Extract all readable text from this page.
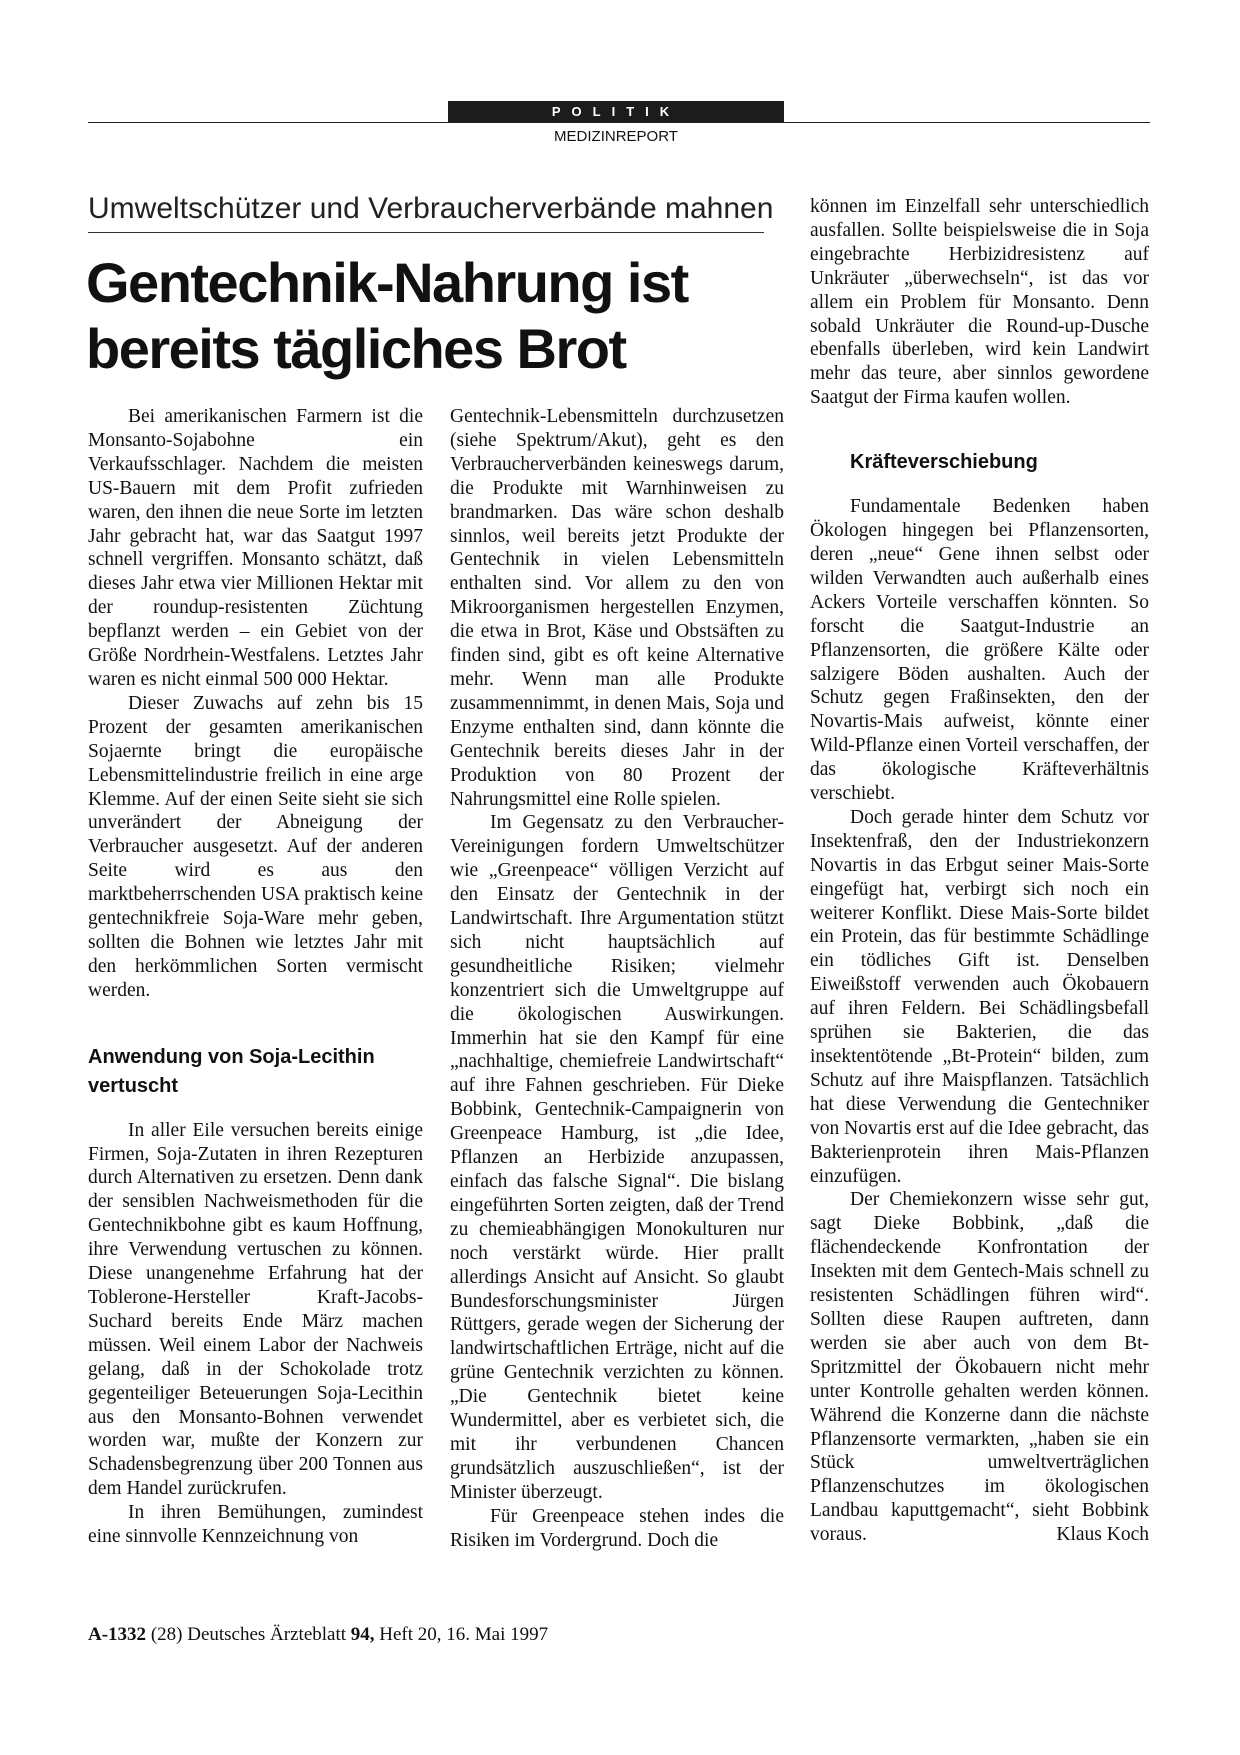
POLITIK
MEDIZINREPORT
Umweltschützer und Verbraucherverbände mahnen
Gentechnik-Nahrung ist bereits tägliches Brot

Bei amerikanischen Farmern ist die Monsanto-Sojabohne ein Verkaufsschlager. Nachdem die meisten US-Bauern mit dem Profit zufrieden waren, den ihnen die neue Sorte im letzten Jahr gebracht hat, war das Saatgut 1997 schnell vergriffen. Monsanto schätzt, daß dieses Jahr etwa vier Millionen Hektar mit der roundup-resistenten Züchtung bepflanzt werden – ein Gebiet von der Größe Nordrhein-Westfalens. Letztes Jahr waren es nicht einmal 500 000 Hektar.

Dieser Zuwachs auf zehn bis 15 Prozent der gesamten amerikanischen Sojaernte bringt die europäische Lebensmittelindustrie freilich in eine arge Klemme. Auf der einen Seite sieht sie sich unverändert der Abneigung der Verbraucher ausgesetzt. Auf der anderen Seite wird es aus den marktbeherrschenden USA praktisch keine gentechnikfreie Soja-Ware mehr geben, sollten die Bohnen wie letztes Jahr mit den herkömmlichen Sorten vermischt werden.

Anwendung von Soja-Lecithin vertuscht

In aller Eile versuchen bereits einige Firmen, Soja-Zutaten in ihren Rezepturen durch Alternativen zu ersetzen. Denn dank der sensiblen Nachweismethoden für die Gentechnikbohne gibt es kaum Hoffnung, ihre Verwendung vertuschen zu können. Diese unangenehme Erfahrung hat der Toblerone-Hersteller Kraft-Jacobs-Suchard bereits Ende März machen müssen. Weil einem Labor der Nachweis gelang, daß in der Schokolade trotz gegenteiliger Beteuerungen Soja-Lecithin aus den Monsanto-Bohnen verwendet worden war, mußte der Konzern zur Schadensbegrenzung über 200 Tonnen aus dem Handel zurückrufen.

In ihren Bemühungen, zumindest eine sinnvolle Kennzeichnung von

Gentechnik-Lebensmitteln durchzusetzen (siehe Spektrum/Akut), geht es den Verbraucherverbänden keineswegs darum, die Produkte mit Warnhinweisen zu brandmarken. Das wäre schon deshalb sinnlos, weil bereits jetzt Produkte der Gentechnik in vielen Lebensmitteln enthalten sind. Vor allem zu den von Mikroorganismen hergestellen Enzymen, die etwa in Brot, Käse und Obstsäften zu finden sind, gibt es oft keine Alternative mehr. Wenn man alle Produkte zusammennimmt, in denen Mais, Soja und Enzyme enthalten sind, dann könnte die Gentechnik bereits dieses Jahr in der Produktion von 80 Prozent der Nahrungsmittel eine Rolle spielen.

Im Gegensatz zu den Verbraucher-Vereinigungen fordern Umweltschützer wie „Greenpeace“ völligen Verzicht auf den Einsatz der Gentechnik in der Landwirtschaft. Ihre Argumentation stützt sich nicht hauptsächlich auf gesundheitliche Risiken; vielmehr konzentriert sich die Umweltgruppe auf die ökologischen Auswirkungen. Immerhin hat sie den Kampf für eine „nachhaltige, chemiefreie Landwirtschaft“ auf ihre Fahnen geschrieben. Für Dieke Bobbink, Gentechnik-Campaignerin von Greenpeace Hamburg, ist „die Idee, Pflanzen an Herbizide anzupassen, einfach das falsche Signal“. Die bislang eingeführten Sorten zeigten, daß der Trend zu chemieabhängigen Monokulturen nur noch verstärkt würde. Hier prallt allerdings Ansicht auf Ansicht. So glaubt Bundesforschungsminister Jürgen Rüttgers, gerade wegen der Sicherung der landwirtschaftlichen Erträge, nicht auf die grüne Gentechnik verzichten zu können. „Die Gentechnik bietet keine Wundermittel, aber es verbietet sich, die mit ihr verbundenen Chancen grundsätzlich auszuschließen“, ist der Minister überzeugt.

Für Greenpeace stehen indes die Risiken im Vordergrund. Doch die

können im Einzelfall sehr unterschiedlich ausfallen. Sollte beispielsweise die in Soja eingebrachte Herbizidresistenz auf Unkräuter „überwechseln“, ist das vor allem ein Problem für Monsanto. Denn sobald Unkräuter die Round-up-Dusche ebenfalls überleben, wird kein Landwirt mehr das teure, aber sinnlos gewordene Saatgut der Firma kaufen wollen.

Kräfteverschiebung

Fundamentale Bedenken haben Ökologen hingegen bei Pflanzensorten, deren „neue“ Gene ihnen selbst oder wilden Verwandten auch außerhalb eines Ackers Vorteile verschaffen könnten. So forscht die Saatgut-Industrie an Pflanzensorten, die größere Kälte oder salzigere Böden aushalten. Auch der Schutz gegen Fraßinsekten, den der Novartis-Mais aufweist, könnte einer Wild-Pflanze einen Vorteil verschaffen, der das ökologische Kräfteverhältnis verschiebt.

Doch gerade hinter dem Schutz vor Insektenfraß, den der Industriekonzern Novartis in das Erbgut seiner Mais-Sorte eingefügt hat, verbirgt sich noch ein weiterer Konflikt. Diese Mais-Sorte bildet ein Protein, das für bestimmte Schädlinge ein tödliches Gift ist. Denselben Eiweißstoff verwenden auch Ökobauern auf ihren Feldern. Bei Schädlingsbefall sprühen sie Bakterien, die das insektentötende „Bt-Protein“ bilden, zum Schutz auf ihre Maispflanzen. Tatsächlich hat diese Verwendung die Gentechniker von Novartis erst auf die Idee gebracht, das Bakterienprotein ihren Mais-Pflanzen einzufügen.

Der Chemiekonzern wisse sehr gut, sagt Dieke Bobbink, „daß die flächendeckende Konfrontation der Insekten mit dem Gentech-Mais schnell zu resistenten Schädlingen führen wird“. Sollten diese Raupen auftreten, dann werden sie aber auch von dem Bt-Spritzmittel der Ökobauern nicht mehr unter Kontrolle gehalten werden können. Während die Konzerne dann die nächste Pflanzensorte vermarkten, „haben sie ein Stück umweltverträglichen Pflanzenschutzes im ökologischen Landbau kaputtgemacht“, sieht Bobbink voraus.	Klaus Koch

A-1332 (28) Deutsches Ärzteblatt 94, Heft 20, 16. Mai 1997
